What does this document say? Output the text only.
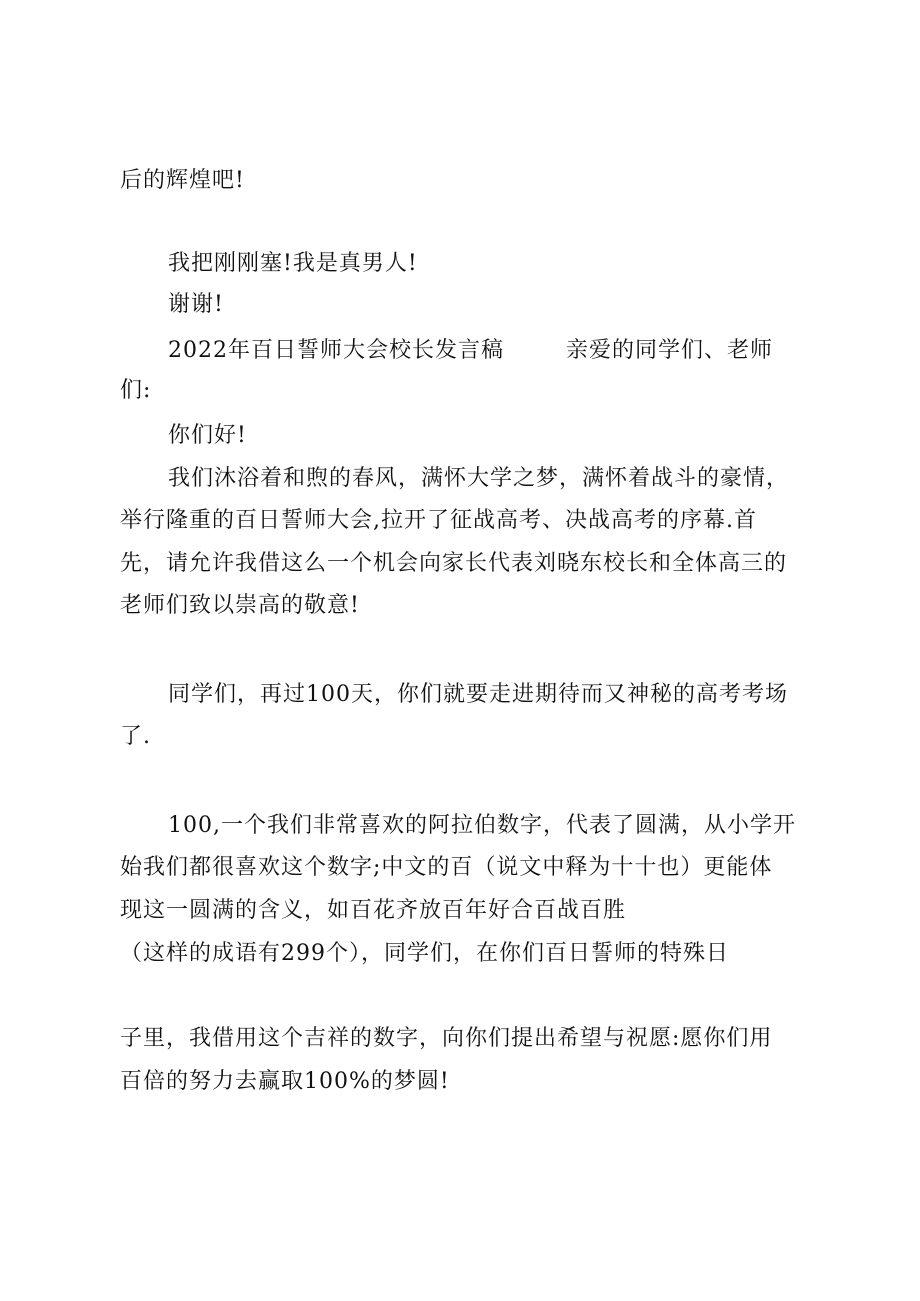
后的辉煌吧!
我把刚刚塞!我是真男人!
谢谢!
2022年百日誓师大会校长发言稿	亲爱的同学们、老师
们:
你们好!
我们沐浴着和煦的春风，满怀大学之梦，满怀着战斗的豪情，
举行隆重的百日誓师大会,拉开了征战高考、决战高考的序幕.首
先，请允许我借这么一个机会向家长代表刘晓东校长和全体高三的
老师们致以崇高的敬意!
同学们，再过100天，你们就要走进期待而又神秘的高考考场
了.
100,一个我们非常喜欢的阿拉伯数字，代表了圆满，从小学开
始我们都很喜欢这个数字;中文的百（说文中释为十十也）更能体
现这一圆满的含义，如百花齐放百年好合百战百胜
（这样的成语有299个），同学们，在你们百日誓师的特殊日
子里，我借用这个吉祥的数字，向你们提出希望与祝愿:愿你们用
百倍的努力去赢取100%的梦圆!
